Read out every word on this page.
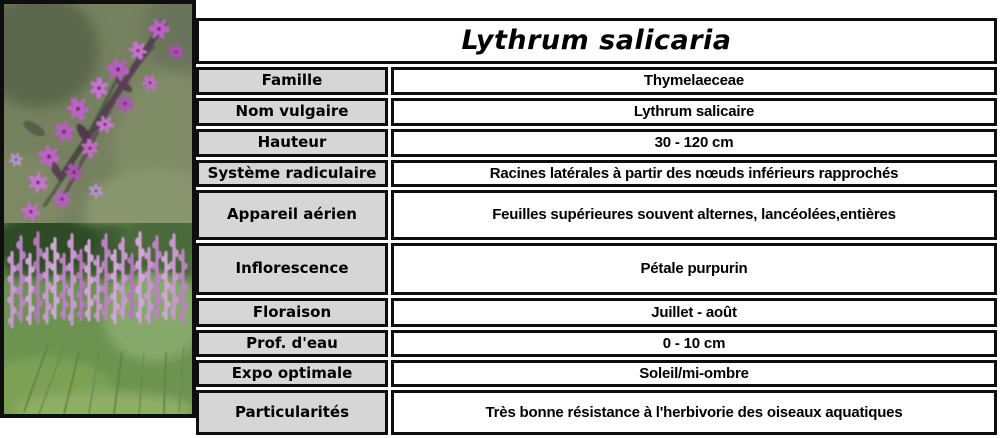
Lythrum salicaria
Famille	Thymelaeceae
Nom vulgaire	Lythrum salicaire
Hauteur	30 - 120 cm
Système radiculaire	Racines latérales à partir des nœuds inférieurs rapprochés
Appareil aérien	Feuilles supérieures souvent alternes, lancéolées,entières
Inflorescence	Pétale purpurin
Floraison	Juillet - août
Prof. d'eau	0 - 10 cm
Expo optimale	Soleil/mi-ombre
Particularités	Très bonne résistance à l'herbivorie des oiseaux aquatiques
